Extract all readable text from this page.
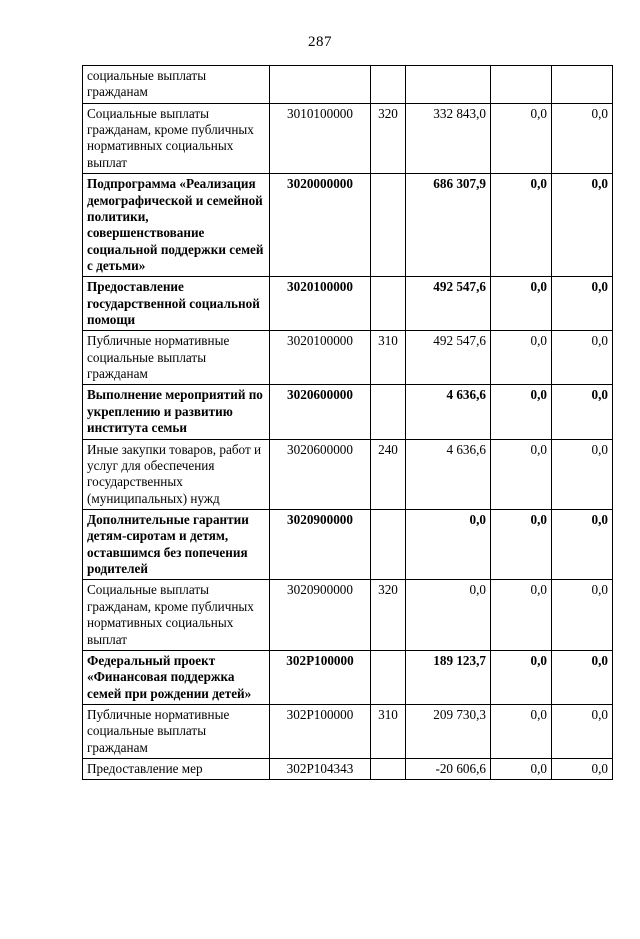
287
социальные выплаты гражданам					
Социальные выплаты гражданам, кроме публичных нормативных социальных выплат	3010100000	320	332 843,0	0,0	0,0
Подпрограмма «Реализация демографической и семейной политики, совершенствование социальной поддержки семей с детьми»	3020000000		686 307,9	0,0	0,0
Предоставление государственной социальной помощи	3020100000		492 547,6	0,0	0,0
Публичные нормативные социальные выплаты гражданам	3020100000	310	492 547,6	0,0	0,0
Выполнение мероприятий по укреплению и развитию института семьи	3020600000		4 636,6	0,0	0,0
Иные закупки товаров, работ и услуг для обеспечения государственных (муниципальных) нужд	3020600000	240	4 636,6	0,0	0,0
Дополнительные гарантии детям-сиротам и детям, оставшимся без попечения родителей	3020900000		0,0	0,0	0,0
Социальные выплаты гражданам, кроме публичных нормативных социальных выплат	3020900000	320	0,0	0,0	0,0
Федеральный проект «Финансовая поддержка семей при рождении детей»	302Р100000		189 123,7	0,0	0,0
Публичные нормативные социальные выплаты гражданам	302Р100000	310	209 730,3	0,0	0,0
Предоставление мер	302Р104343		-20 606,6	0,0	0,0
